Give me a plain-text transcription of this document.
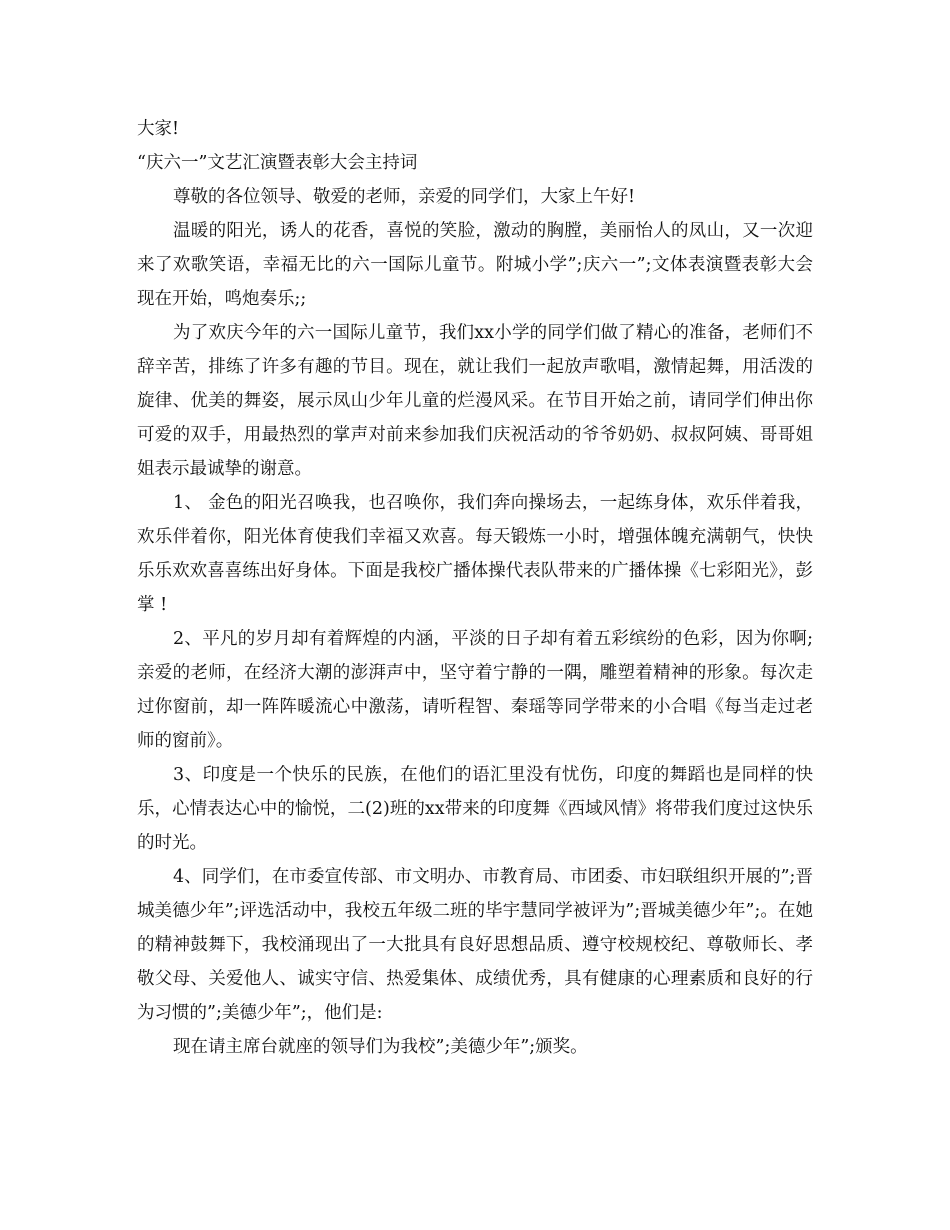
大家!

“庆六一”文艺汇演暨表彰大会主持词

尊敬的各位领导、敬爱的老师，亲爱的同学们，大家上午好!

温暖的阳光，诱人的花香，喜悦的笑脸，激动的胸膛，美丽怡人的凤山，又一次迎来了欢歌笑语，幸福无比的六一国际儿童节。附城小学”;庆六一”;文体表演暨表彰大会现在开始，鸣炮奏乐;;

为了欢庆今年的六一国际儿童节，我们xx小学的同学们做了精心的准备，老师们不辞辛苦，排练了许多有趣的节目。现在，就让我们一起放声歌唱，激情起舞，用活泼的旋律、优美的舞姿，展示凤山少年儿童的烂漫风采。在节目开始之前，请同学们伸出你可爱的双手，用最热烈的掌声对前来参加我们庆祝活动的爷爷奶奶、叔叔阿姨、哥哥姐姐表示最诚挚的谢意。

1、 金色的阳光召唤我，也召唤你，我们奔向操场去，一起练身体，欢乐伴着我，欢乐伴着你，阳光体育使我们幸福又欢喜。每天锻炼一小时，增强体魄充满朝气，快快乐乐欢欢喜喜练出好身体。下面是我校广播体操代表队带来的广播体操《七彩阳光》，彭掌 !

2、平凡的岁月却有着辉煌的内涵，平淡的日子却有着五彩缤纷的色彩，因为你啊;亲爱的老师，在经济大潮的澎湃声中，坚守着宁静的一隅，雕塑着精神的形象。每次走过你窗前，却一阵阵暖流心中激荡，请听程智、秦瑶等同学带来的小合唱《每当走过老师的窗前》。

3、印度是一个快乐的民族，在他们的语汇里没有忧伤，印度的舞蹈也是同样的快乐，心情表达心中的愉悦，二(2)班的xx带来的印度舞《西域风情》将带我们度过这快乐的时光。

4、同学们，在市委宣传部、市文明办、市教育局、市团委、市妇联组织开展的”;晋城美德少年”;评选活动中，我校五年级二班的毕宇慧同学被评为”;晋城美德少年”;。在她的精神鼓舞下，我校涌现出了一大批具有良好思想品质、遵守校规校纪、尊敬师长、孝敬父母、关爱他人、诚实守信、热爱集体、成绩优秀，具有健康的心理素质和良好的行为习惯的”;美德少年”;，他们是:

现在请主席台就座的领导们为我校”;美德少年”;颁奖。
